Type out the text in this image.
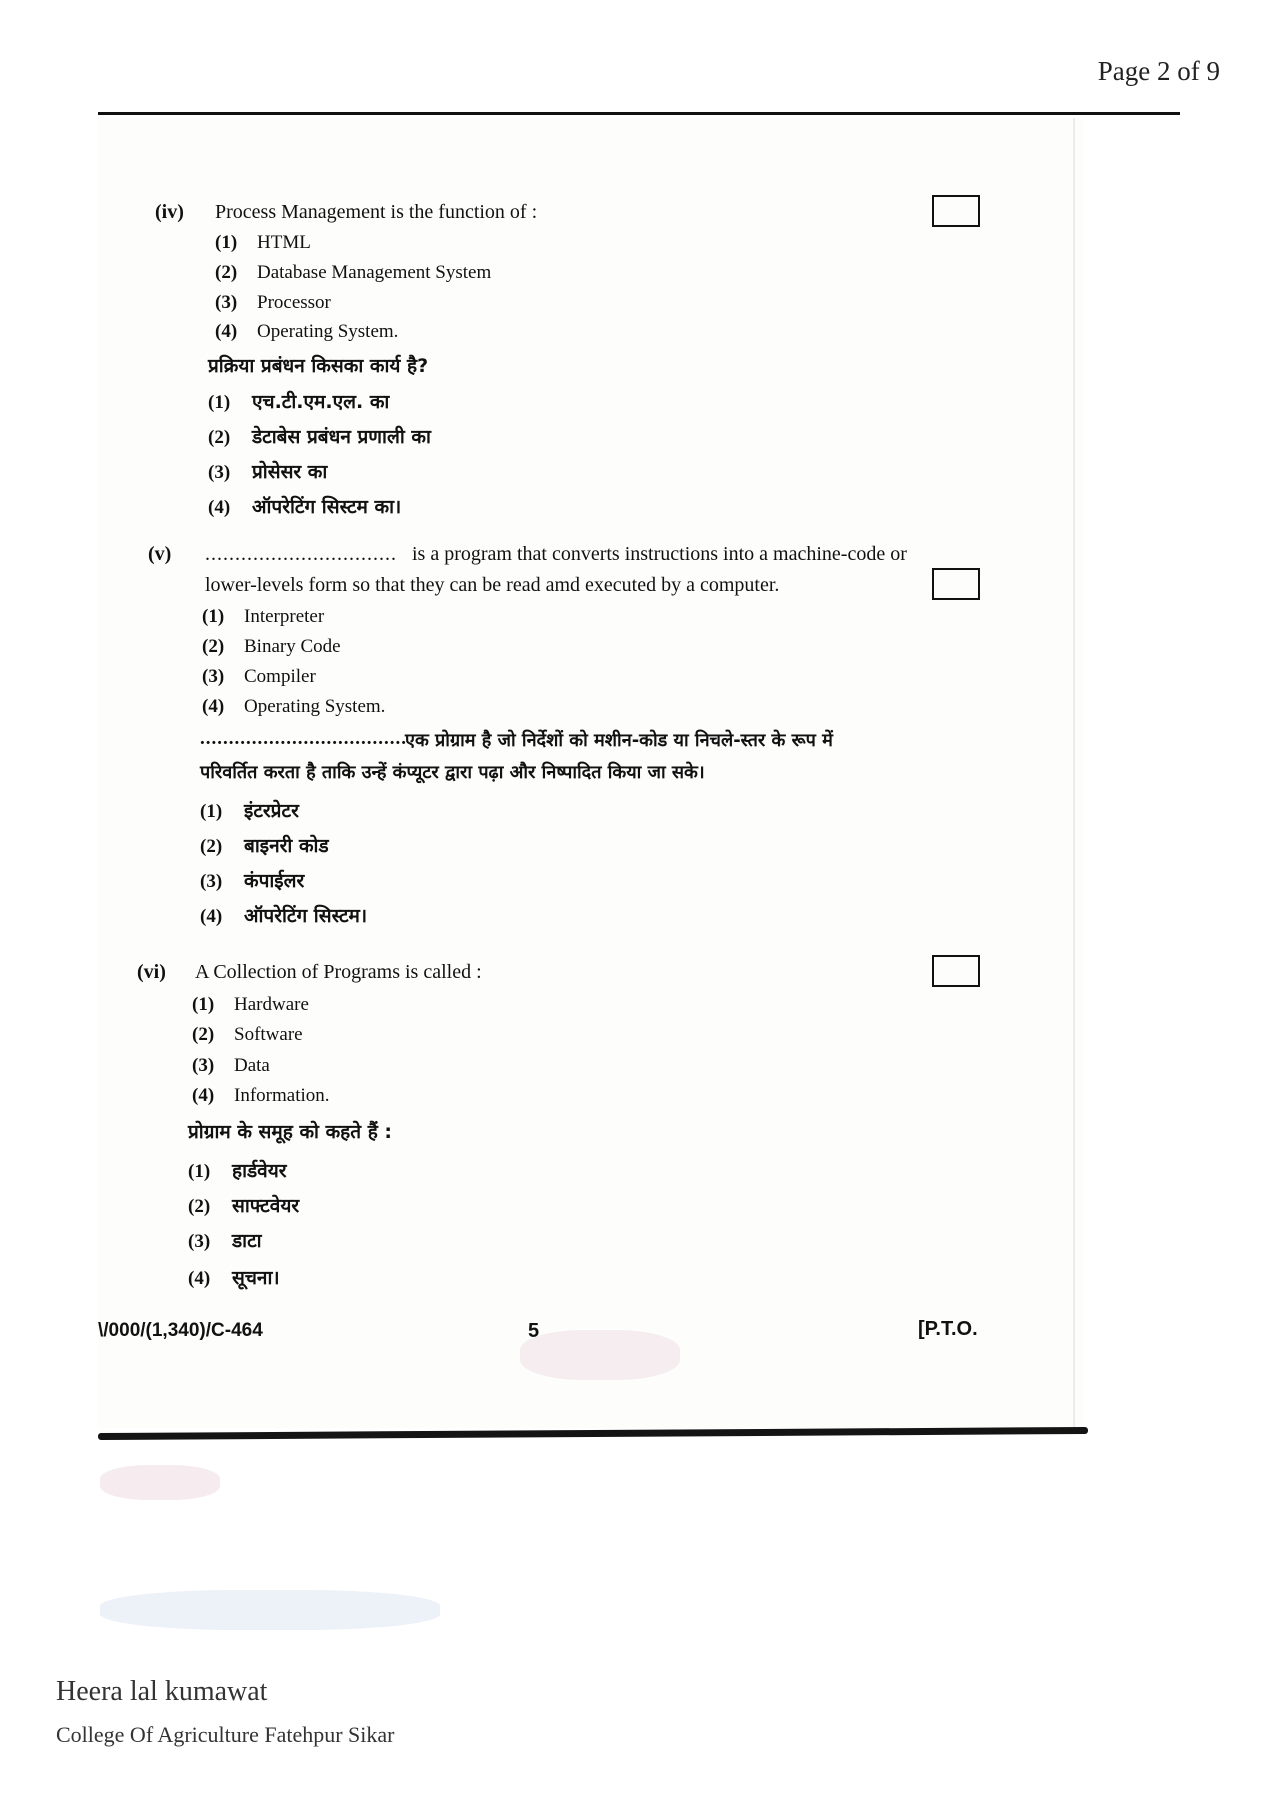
Page 2 of 9
(iv) Process Management is the function of :
(1) HTML
(2) Database Management System
(3) Processor
(4) Operating System.
प्रक्रिया प्रबंधन किसका कार्य है?
(1) एच.टी.एम.एल. का
(2) डेटाबेस प्रबंधन प्रणाली का
(3) प्रोसेसर का
(4) ऑपरेटिंग सिस्टम का।
(v) ................................ is a program that converts instructions into a machine-code or
lower-levels form so that they can be read amd executed by a computer.
(1) Interpreter
(2) Binary Code
(3) Compiler
(4) Operating System.
....................................
एक प्रोग्राम है जो निर्देशों को मशीन-कोड या निचले-स्तर के रूप में
परिवर्तित करता है ताकि उन्हें कंप्यूटर द्वारा पढ़ा और निष्पादित किया जा सके।
(1) इंटरप्रेटर
(2) बाइनरी कोड
(3) कंपाईलर
(4) ऑपरेटिंग सिस्टम।
(vi) A Collection of Programs is called :
(1) Hardware
(2) Software
(3) Data
(4) Information.
प्रोग्राम के समूह को कहते हैं :
(1) हार्डवेयर
(2) साफ्टवेयर
(3) डाटा
(4) सूचना।
\/000/(1,340)/C-464	5	[P.T.O.
Heera lal kumawat
College Of Agriculture Fatehpur Sikar
